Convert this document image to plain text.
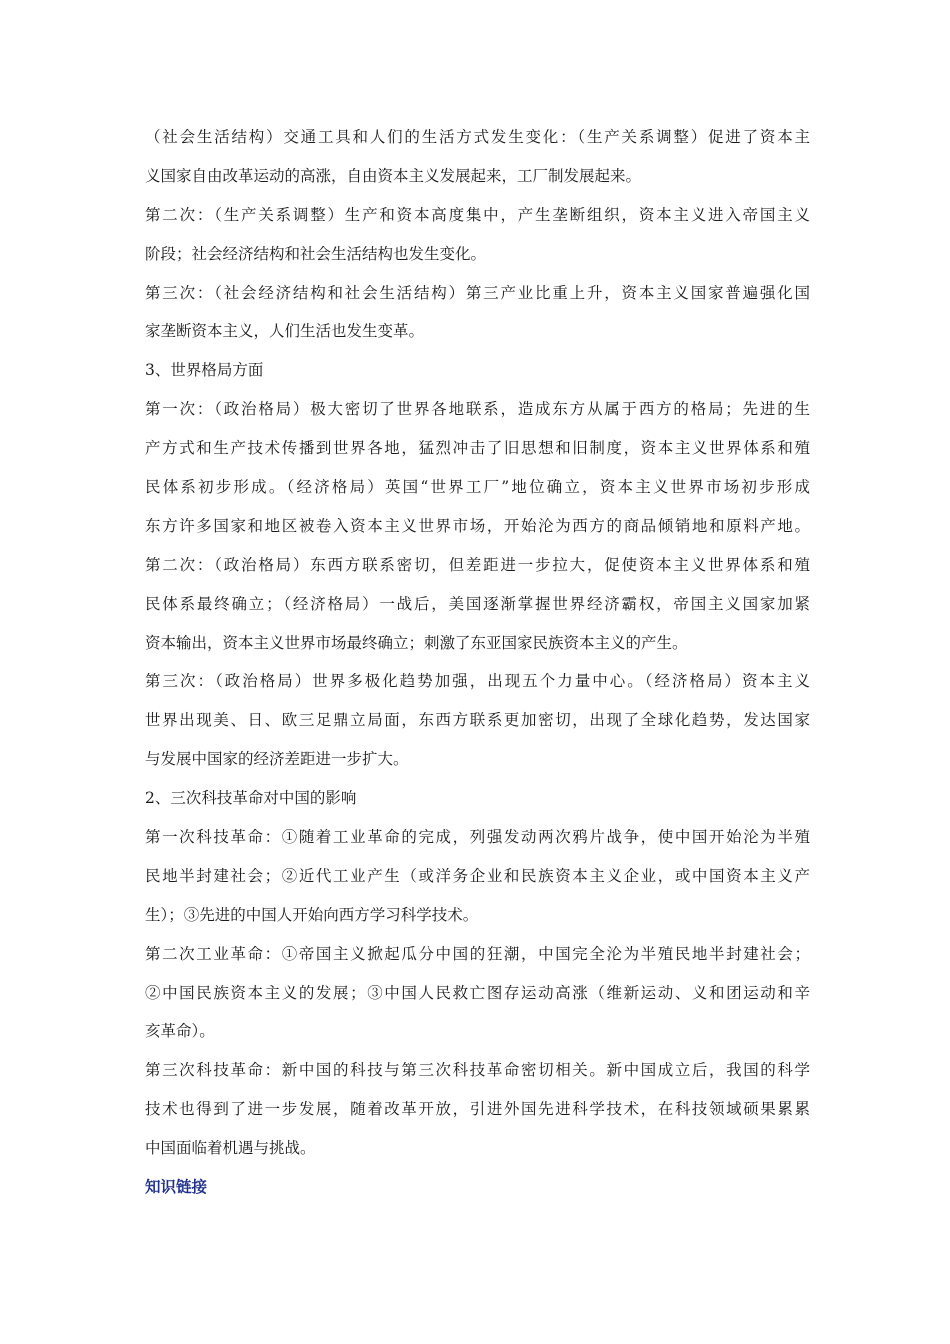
（社会生活结构）交通工具和人们的生活方式发生变化：（生产关系调整）促进了资本主
义国家自由改革运动的高涨，自由资本主义发展起来，工厂制发展起来。
第二次：（生产关系调整）生产和资本高度集中，产生垄断组织，资本主义进入帝国主义
阶段；社会经济结构和社会生活结构也发生变化。
第三次：（社会经济结构和社会生活结构）第三产业比重上升，资本主义国家普遍强化国
家垄断资本主义，人们生活也发生变革。
3、世界格局方面
第一次：（政治格局）极大密切了世界各地联系，造成东方从属于西方的格局；先进的生
产方式和生产技术传播到世界各地，猛烈冲击了旧思想和旧制度，资本主义世界体系和殖
民体系初步形成。（经济格局）英国“世界工厂”地位确立，资本主义世界市场初步形成
东方许多国家和地区被卷入资本主义世界市场，开始沦为西方的商品倾销地和原料产地。
第二次：（政治格局）东西方联系密切，但差距进一步拉大，促使资本主义世界体系和殖
民体系最终确立；（经济格局）一战后，美国逐渐掌握世界经济霸权，帝国主义国家加紧
资本输出，资本主义世界市场最终确立；刺激了东亚国家民族资本主义的产生。
第三次：（政治格局）世界多极化趋势加强，出现五个力量中心。（经济格局）资本主义
世界出现美、日、欧三足鼎立局面，东西方联系更加密切，出现了全球化趋势，发达国家
与发展中国家的经济差距进一步扩大。
2、三次科技革命对中国的影响
第一次科技革命：①随着工业革命的完成，列强发动两次鸦片战争，使中国开始沦为半殖
民地半封建社会；②近代工业产生（或洋务企业和民族资本主义企业，或中国资本主义产
生）；③先进的中国人开始向西方学习科学技术。
第二次工业革命：①帝国主义掀起瓜分中国的狂潮，中国完全沦为半殖民地半封建社会；
②中国民族资本主义的发展；③中国人民救亡图存运动高涨（维新运动、义和团运动和辛
亥革命）。
第三次科技革命：新中国的科技与第三次科技革命密切相关。新中国成立后，我国的科学
技术也得到了进一步发展，随着改革开放，引进外国先进科学技术，在科技领域硕果累累
中国面临着机遇与挑战。
知识链接
